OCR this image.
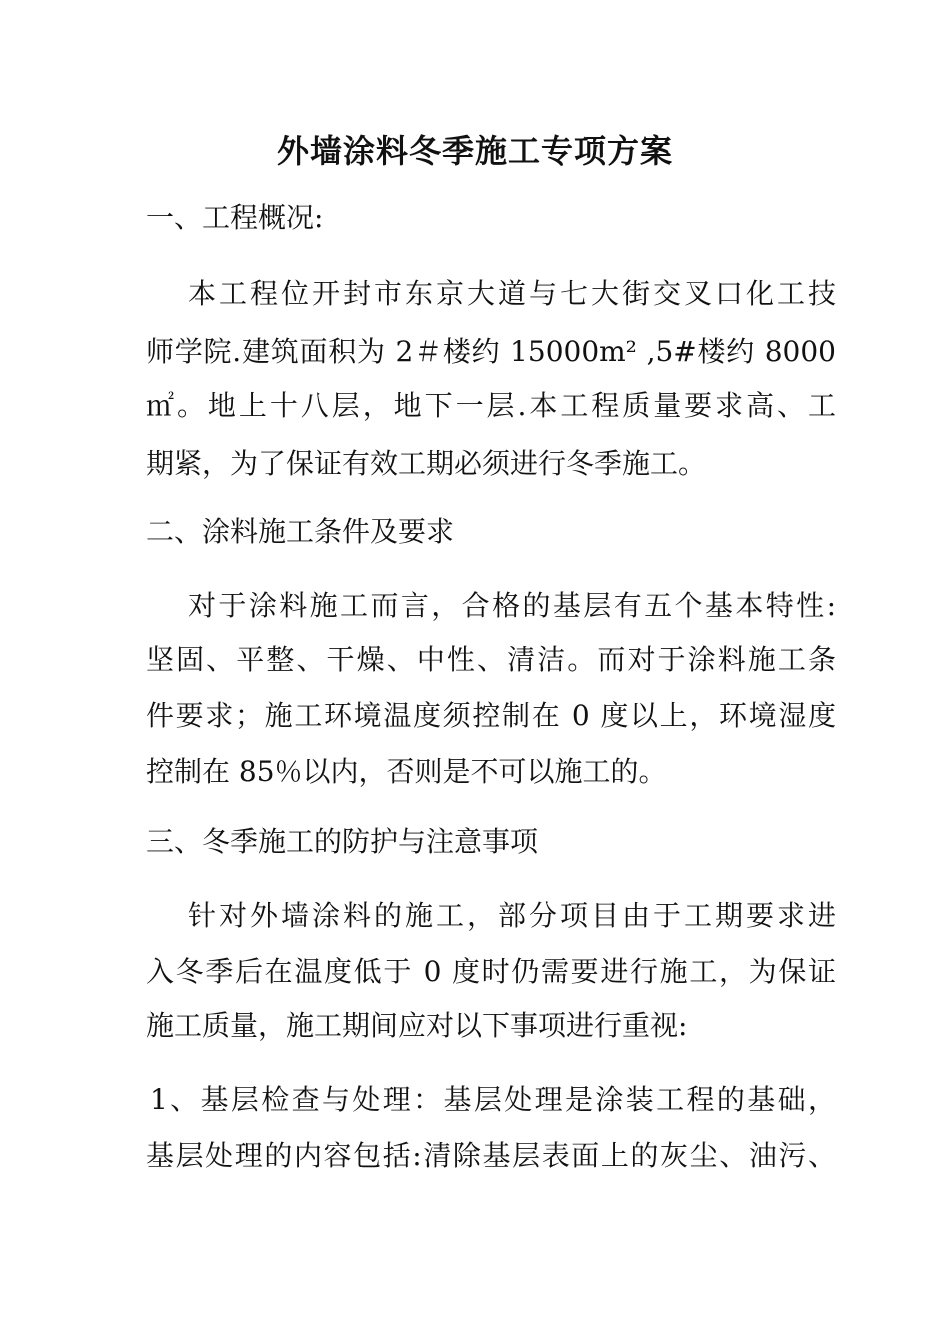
外墙涂料冬季施工专项方案
一、工程概况:
本工程位开封市东京大道与七大街交叉口化工技
师学院.建筑面积为 2＃楼约 15000m² ,5#楼约 8000
㎡。地上十八层，地下一层.本工程质量要求高、工
期紧，为了保证有效工期必须进行冬季施工。
二、涂料施工条件及要求
对于涂料施工而言，合格的基层有五个基本特性:
坚固、平整、干燥、中性、清洁。而对于涂料施工条
件要求；施工环境温度须控制在 0 度以上，环境湿度
控制在 85％以内，否则是不可以施工的。
三、冬季施工的防护与注意事项
针对外墙涂料的施工，部分项目由于工期要求进
入冬季后在温度低于 0 度时仍需要进行施工，为保证
施工质量，施工期间应对以下事项进行重视:
1、基层检查与处理：基层处理是涂装工程的基础，
基层处理的内容包括:清除基层表面上的灰尘、油污、
